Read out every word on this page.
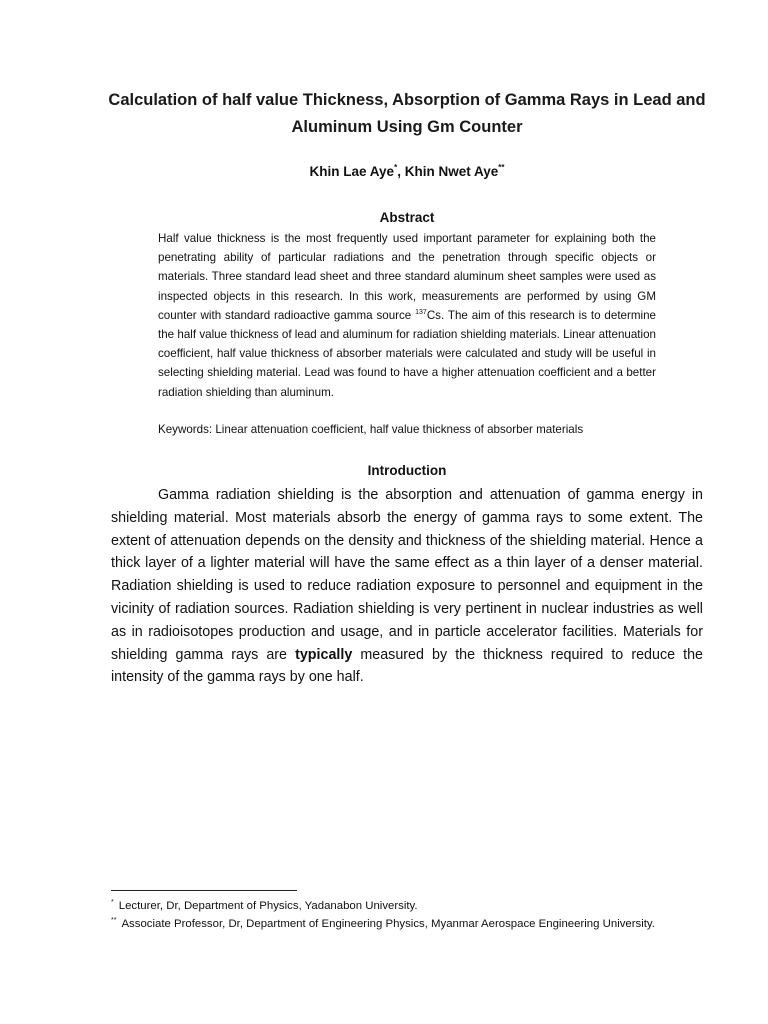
Calculation of half value Thickness, Absorption of Gamma Rays in Lead and Aluminum Using Gm Counter
Khin Lae Aye*, Khin Nwet Aye**
Abstract

Half value thickness is the most frequently used important parameter for explaining both the penetrating ability of particular radiations and the penetration through specific objects or materials. Three standard lead sheet and three standard aluminum sheet samples were used as inspected objects in this research. In this work, measurements are performed by using GM counter with standard radioactive gamma source $^{137}$Cs. The aim of this research is to determine the half value thickness of lead and aluminum for radiation shielding materials. Linear attenuation coefficient, half value thickness of absorber materials were calculated and study will be useful in selecting shielding material. Lead was found to have a higher attenuation coefficient and a better radiation shielding than aluminum.

Keywords: Linear attenuation coefficient, half value thickness of absorber materials
Introduction

Gamma radiation shielding is the absorption and attenuation of gamma energy in shielding material. Most materials absorb the energy of gamma rays to some extent. The extent of attenuation depends on the density and thickness of the shielding material. Hence a thick layer of a lighter material will have the same effect as a thin layer of a denser material. Radiation shielding is used to reduce radiation exposure to personnel and equipment in the vicinity of radiation sources. Radiation shielding is very pertinent in nuclear industries as well as in radioisotopes production and usage, and in particle accelerator facilities. Materials for shielding gamma rays are typically measured by the thickness required to reduce the intensity of the gamma rays by one half.

* Lecturer, Dr, Department of Physics, Yadanabon University.
** Associate Professor, Dr, Department of Engineering Physics, Myanmar Aerospace Engineering University.
